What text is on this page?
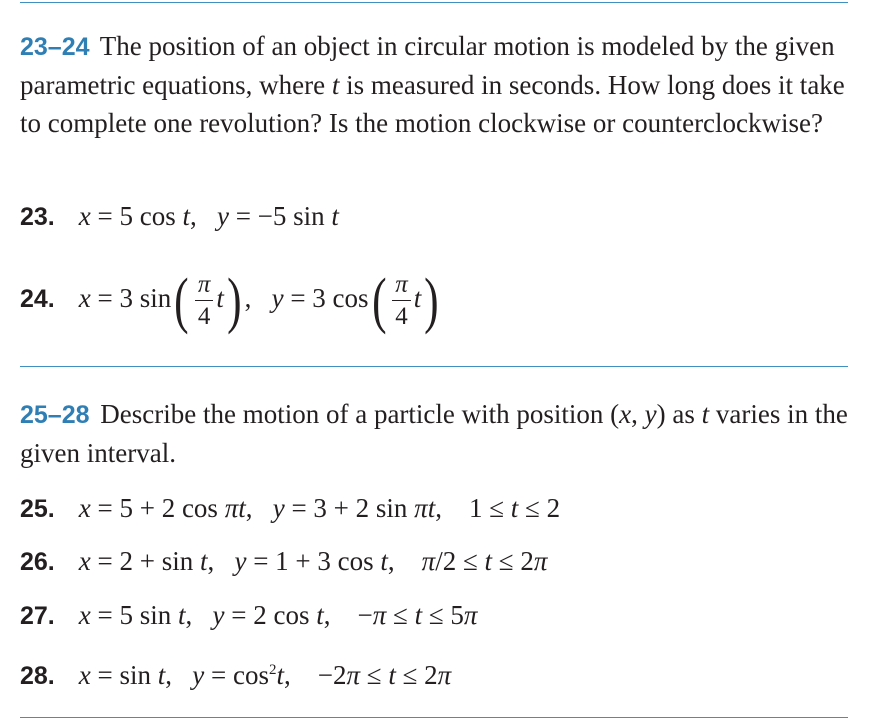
23–24 The position of an object in circular motion is modeled by the given parametric equations, where t is measured in seconds. How long does it take to complete one revolution? Is the motion clockwise or counterclockwise?
23. x = 5 cos t,   y = −5 sin t
24. x = 3 $\sin( \frac{\pi}{4} t)$ ,   y = 3 $\cos( \frac{\pi}{4} t)$
25–28 Describe the motion of a particle with position (x, y) as t varies in the given interval.
25. x = 5 + 2 cos πt,   y = 3 + 2 sin πt,    1 ≤ t ≤ 2
26. x = 2 + sin t,   y = 1 + 3 cos t,    π/2 ≤ t ≤ 2π
27. x = 5 sin t,   y = 2 cos t,    −π ≤ t ≤ 5π
28. x = sin t,   $y = \cos^2t$,    −2π ≤ t ≤ 2π
